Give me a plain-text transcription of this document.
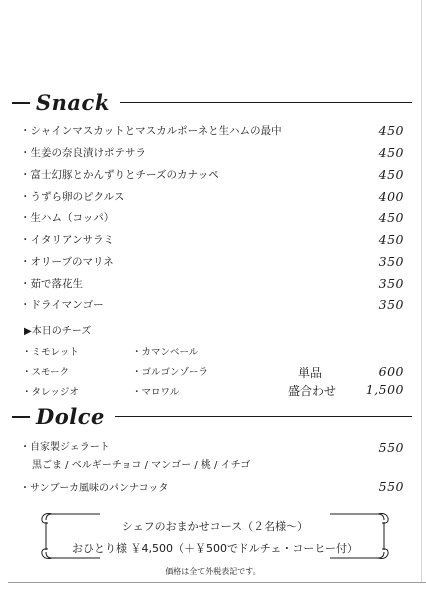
Snack
・シャインマスカットとマスカルポーネと生ハムの最中	450
・生姜の奈良漬けポテサラ	450
・富士幻豚とかんずりとチーズのカナッペ	450
・うずら卵のピクルス	400
・生ハム（コッパ）	450
・イタリアンサラミ	450
・オリーブのマリネ	350
・茹で落花生	350
・ドライマンゴー	350
▶本日のチーズ
・ミモレット	・カマンベール
・スモーク	・ゴルゴンゾーラ
・タレッジオ	・マロワル
単品	600
盛合わせ 1,500
Dolce
・自家製ジェラート	550
黒ごま / ベルギーチョコ / マンゴー / 桃 / イチゴ
・サンブーカ風味のパンナコッタ	550
シェフのおまかせコース（２名様～）
おひとり様 ￥4,500（＋￥500でドルチェ・コーヒー付）
価格は全て外税表記です。
